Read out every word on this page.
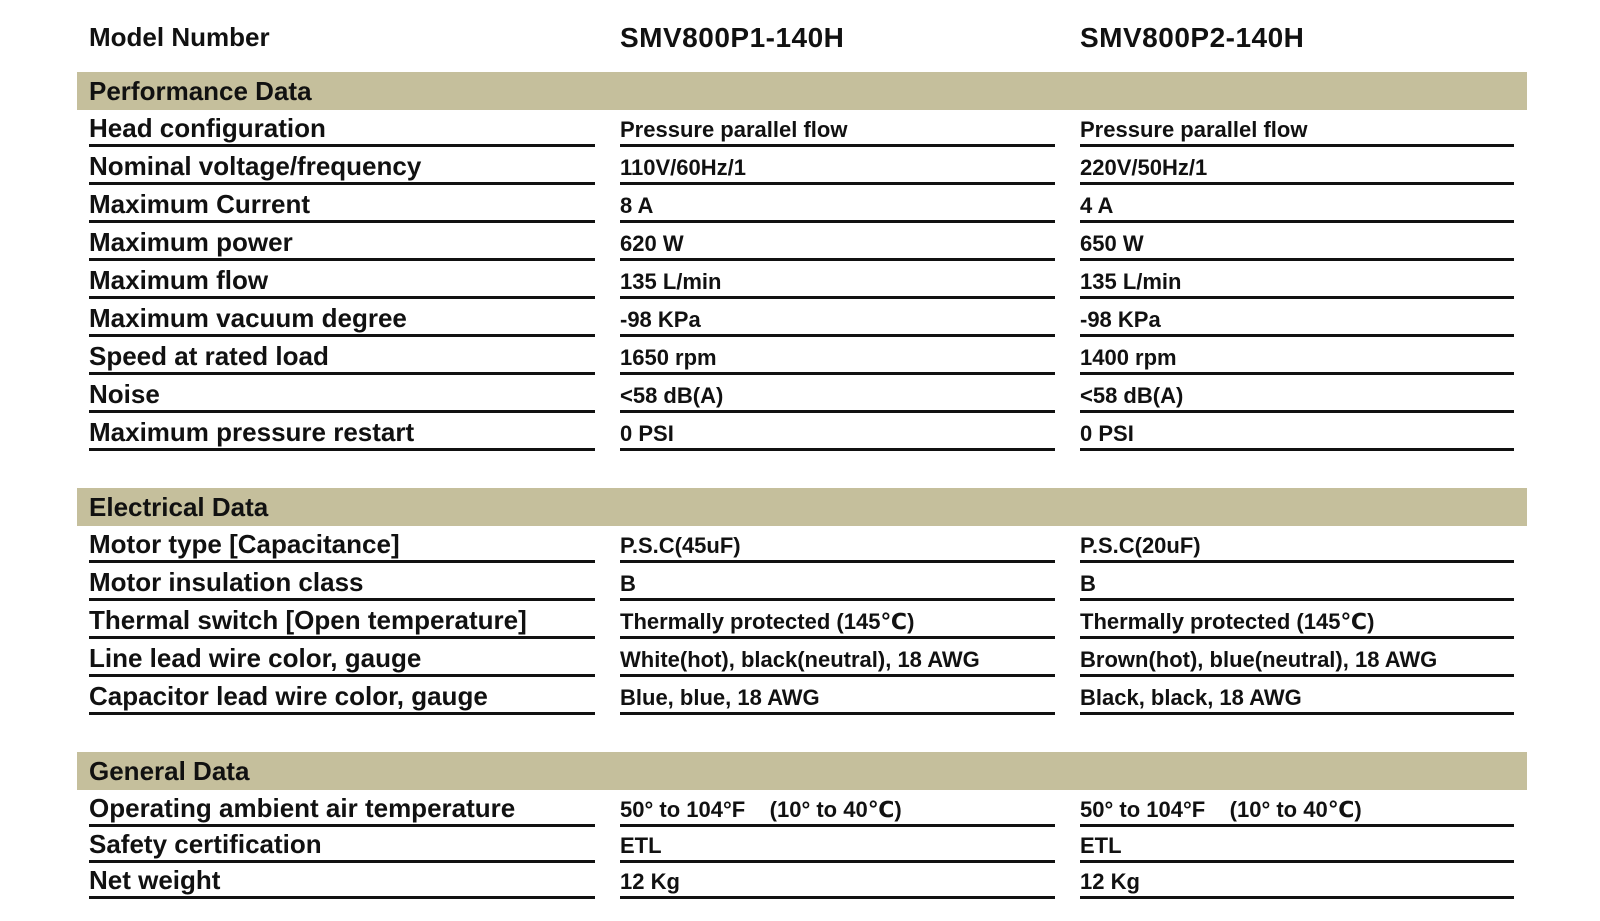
Model Number	SMV800P1-140H	SMV800P2-140H
Performance Data
Head configuration	Pressure parallel flow	Pressure parallel flow
Nominal voltage/frequency	110V/60Hz/1	220V/50Hz/1
Maximum Current	8 A	4 A
Maximum power	620 W	650 W
Maximum flow	135 L/min	135 L/min
Maximum vacuum degree	-98 KPa	-98 KPa
Speed at rated load	1650 rpm	1400 rpm
Noise	<58 dB(A)	<58 dB(A)
Maximum pressure restart	0 PSI	0 PSI
Electrical Data
Motor type [Capacitance]	P.S.C(45uF)	P.S.C(20uF)
Motor insulation class	B	B
Thermal switch [Open temperature]	Thermally protected (145℃)	Thermally protected (145℃)
Line lead wire color, gauge	White(hot), black(neutral), 18 AWG	Brown(hot), blue(neutral), 18 AWG
Capacitor lead wire color, gauge	Blue, blue, 18 AWG	Black, black, 18 AWG
General Data
Operating ambient air temperature	50° to 104°F    (10° to 40℃)	50° to 104°F    (10° to 40℃)
Safety certification	ETL	ETL
Net weight	12 Kg	12 Kg
